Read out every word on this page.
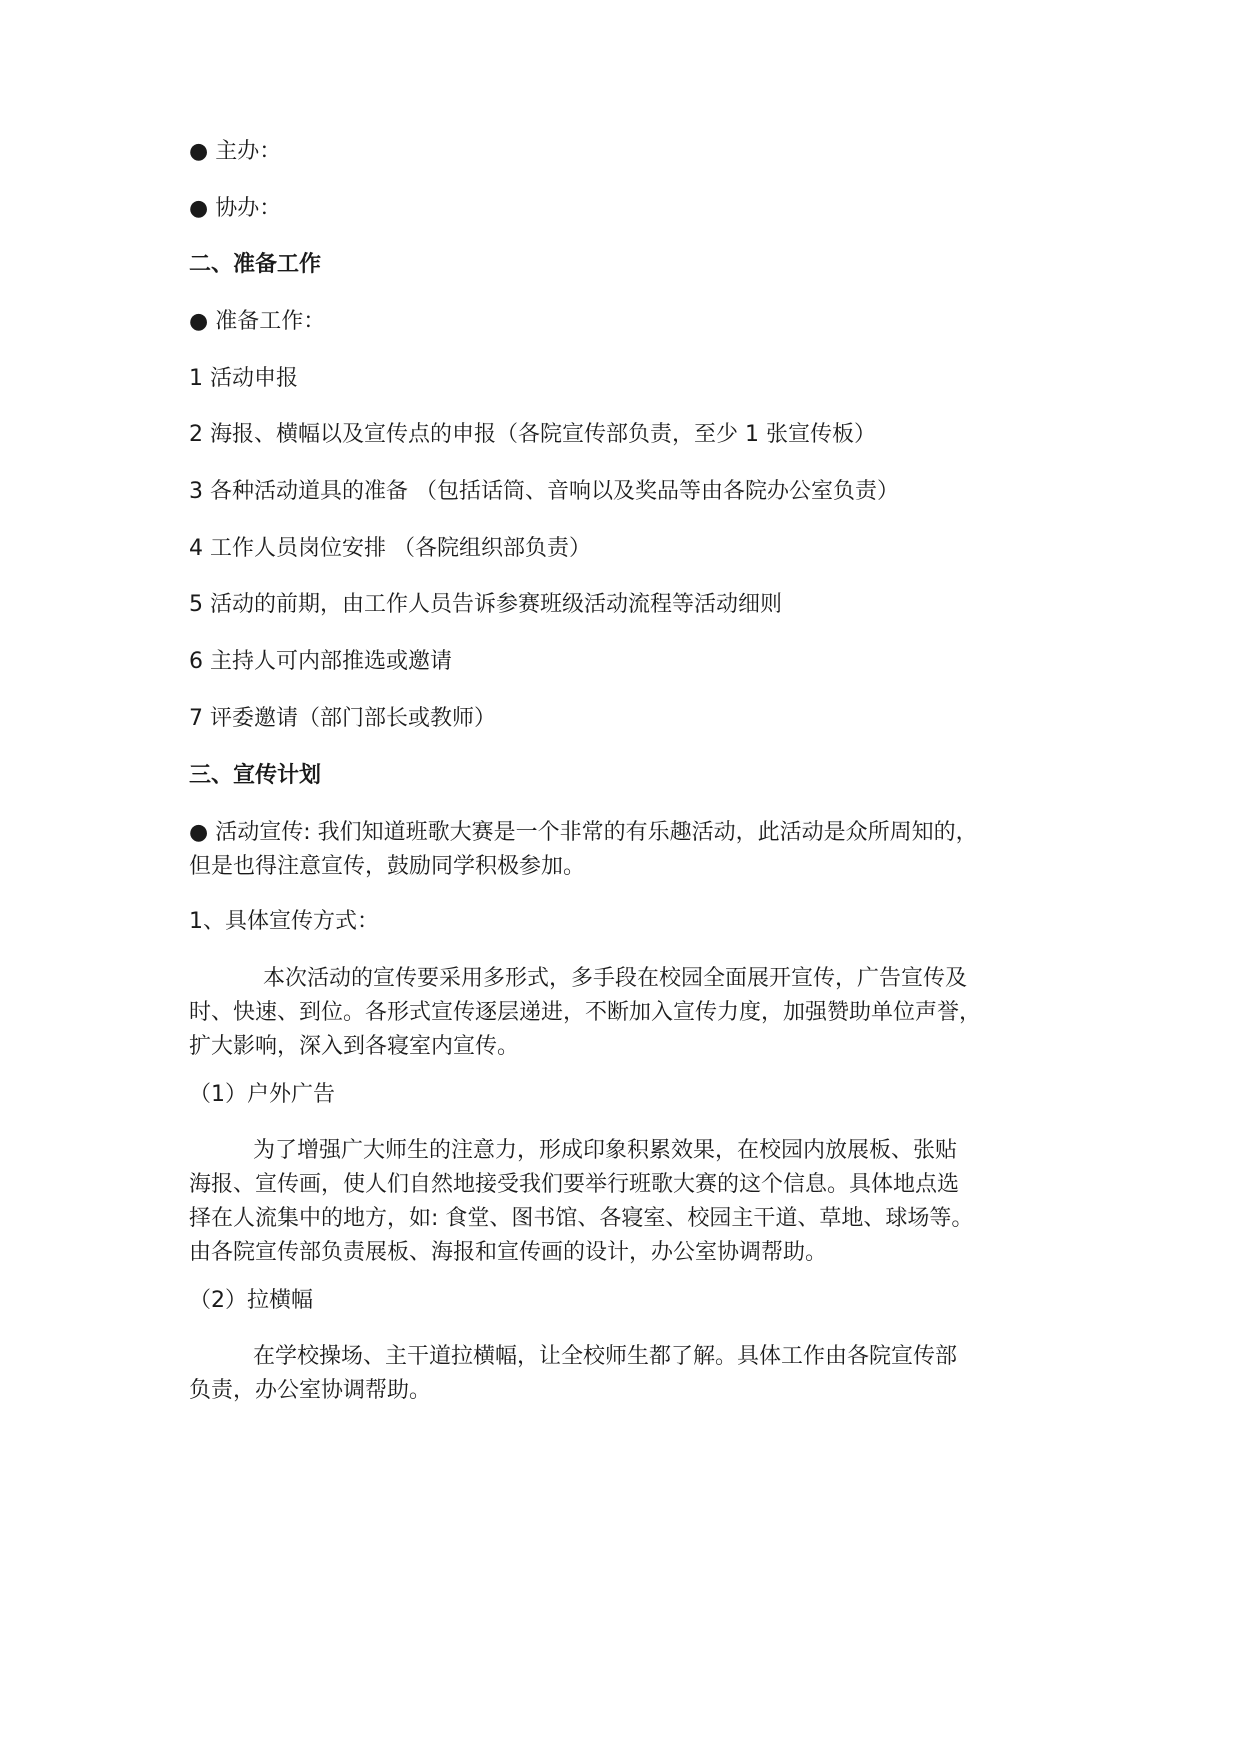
● 主办：
● 协办：
二、准备工作
● 准备工作：
1 活动申报
2 海报、横幅以及宣传点的申报（各院宣传部负责，至少 1 张宣传板）
3 各种活动道具的准备 （包括话筒、音响以及奖品等由各院办公室负责）
4 工作人员岗位安排 （各院组织部负责）
5 活动的前期，由工作人员告诉参赛班级活动流程等活动细则
6 主持人可内部推选或邀请
7 评委邀请（部门部长或教师）
三、宣传计划
● 活动宣传: 我们知道班歌大赛是一个非常的有乐趣活动，此活动是众所周知的，
但是也得注意宣传，鼓励同学积极参加。
1、具体宣传方式：
本次活动的宣传要采用多形式，多手段在校园全面展开宣传，广告宣传及
时、快速、到位。各形式宣传逐层递进，不断加入宣传力度，加强赞助单位声誉，
扩大影响，深入到各寝室内宣传。
（1）户外广告
为了增强广大师生的注意力，形成印象积累效果，在校园内放展板、张贴
海报、宣传画，使人们自然地接受我们要举行班歌大赛的这个信息。具体地点选
择在人流集中的地方，如: 食堂、图书馆、各寝室、校园主干道、草地、球场等。
由各院宣传部负责展板、海报和宣传画的设计，办公室协调帮助。
（2）拉横幅
在学校操场、主干道拉横幅，让全校师生都了解。具体工作由各院宣传部
负责，办公室协调帮助。
